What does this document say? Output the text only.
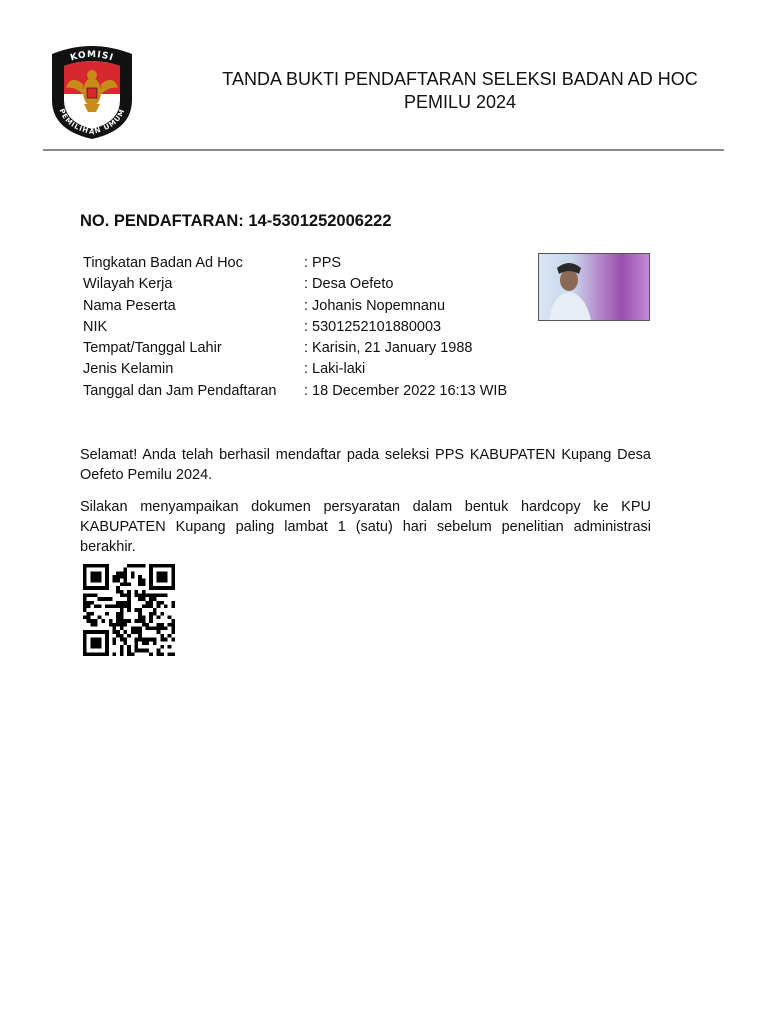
KOMISI
PEMILIHAN UMUM
TANDA BUKTI PENDAFTARAN SELEKSI BADAN AD HOC
PEMILU 2024
NO. PENDAFTARAN: 14-5301252006222
Tingkatan Badan Ad Hoc	: PPS
Wilayah Kerja	: Desa Oefeto
Nama Peserta	: Johanis Nopemnanu
NIK	: 5301252101880003
Tempat/Tanggal Lahir	: Karisin, 21 January 1988
Jenis Kelamin	: Laki-laki
Tanggal dan Jam Pendaftaran	: 18 December 2022 16:13 WIB
Selamat! Anda telah berhasil mendaftar pada seleksi PPS KABUPATEN Kupang Desa Oefeto Pemilu 2024.
Silakan menyampaikan dokumen persyaratan dalam bentuk hardcopy ke KPU KABUPATEN Kupang paling lambat 1 (satu) hari sebelum penelitian administrasi berakhir.
